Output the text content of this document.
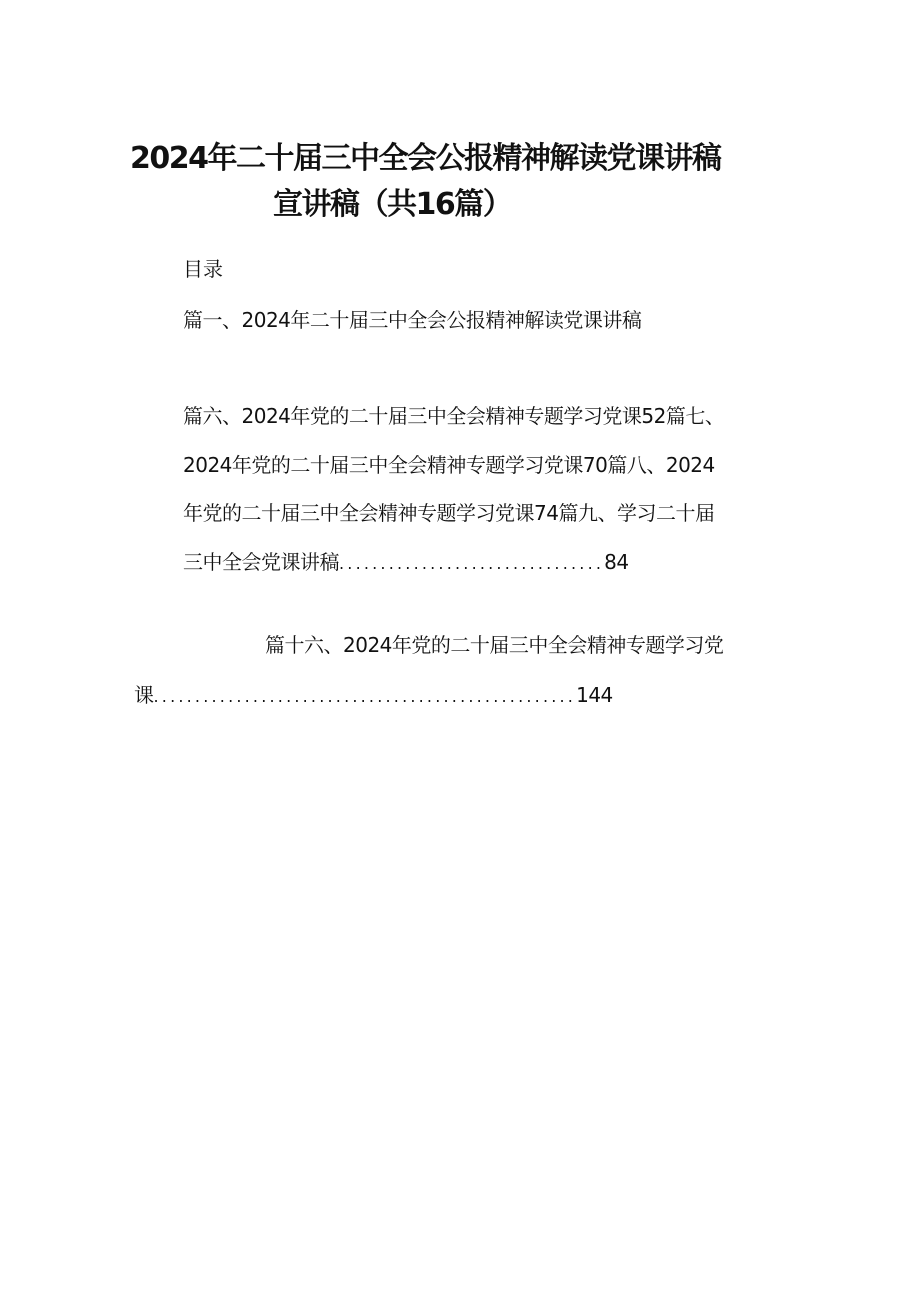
2024年二十届三中全会公报精神解读党课讲稿
宣讲稿（共16篇）
目录
篇一、2024年二十届三中全会公报精神解读党课讲稿
篇六、2024年党的二十届三中全会精神专题学习党课52篇七、
2024年党的二十届三中全会精神专题学习党课70篇八、2024
年党的二十届三中全会精神专题学习党课74篇九、学习二十届
三中全会党课讲稿................................84
篇十六、2024年党的二十届三中全会精神专题学习党
课...................................................144
